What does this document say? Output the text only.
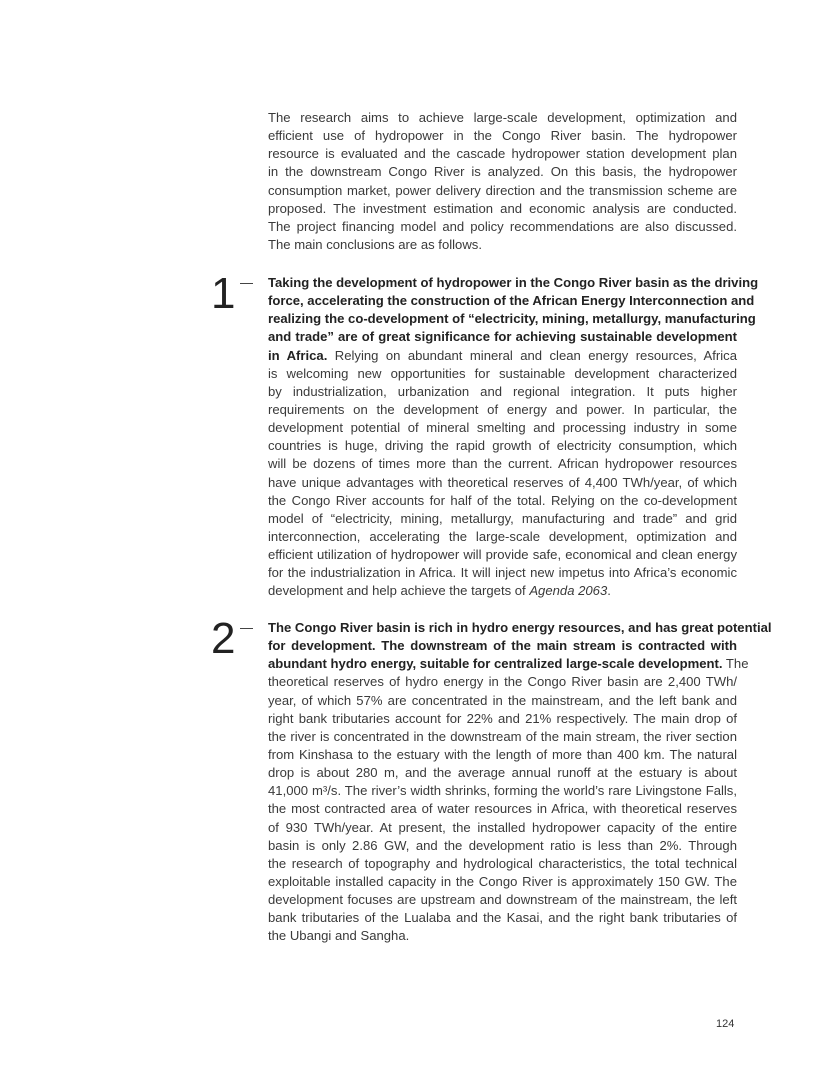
The research aims to achieve large-scale development, optimization and
efficient use of hydropower in the Congo River basin. The hydropower
resource is evaluated and the cascade hydropower station development plan
in the downstream Congo River is analyzed. On this basis, the hydropower
consumption market, power delivery direction and the transmission scheme are
proposed. The investment estimation and economic analysis are conducted.
The project financing model and policy recommendations are also discussed.
The main conclusions are as follows.
1 Taking the development of hydropower in the Congo River basin as the driving
force, accelerating the construction of the African Energy Interconnection and
realizing the co-development of “electricity, mining, metallurgy, manufacturing
and trade” are of great significance for achieving sustainable development
in Africa. Relying on abundant mineral and clean energy resources, Africa
is welcoming new opportunities for sustainable development characterized
by industrialization, urbanization and regional integration. It puts higher
requirements on the development of energy and power. In particular, the
development potential of mineral smelting and processing industry in some
countries is huge, driving the rapid growth of electricity consumption, which
will be dozens of times more than the current. African hydropower resources
have unique advantages with theoretical reserves of 4,400 TWh/year, of which
the Congo River accounts for half of the total. Relying on the co-development
model of “electricity, mining, metallurgy, manufacturing and trade” and grid
interconnection, accelerating the large-scale development, optimization and
efficient utilization of hydropower will provide safe, economical and clean energy
for the industrialization in Africa. It will inject new impetus into Africa’s economic
development and help achieve the targets of Agenda 2063.
2 The Congo River basin is rich in hydro energy resources, and has great potential
for development. The downstream of the main stream is contracted with
abundant hydro energy, suitable for centralized large-scale development. The
theoretical reserves of hydro energy in the Congo River basin are 2,400 TWh/
year, of which 57% are concentrated in the mainstream, and the left bank and
right bank tributaries account for 22% and 21% respectively. The main drop of
the river is concentrated in the downstream of the main stream, the river section
from Kinshasa to the estuary with the length of more than 400 km. The natural
drop is about 280 m, and the average annual runoff at the estuary is about
41,000 m³/s. The river’s width shrinks, forming the world’s rare Livingstone Falls,
the most contracted area of water resources in Africa, with theoretical reserves
of 930 TWh/year. At present, the installed hydropower capacity of the entire
basin is only 2.86 GW, and the development ratio is less than 2%. Through
the research of topography and hydrological characteristics, the total technical
exploitable installed capacity in the Congo River is approximately 150 GW. The
development focuses are upstream and downstream of the mainstream, the left
bank tributaries of the Lualaba and the Kasai, and the right bank tributaries of
the Ubangi and Sangha.
124
